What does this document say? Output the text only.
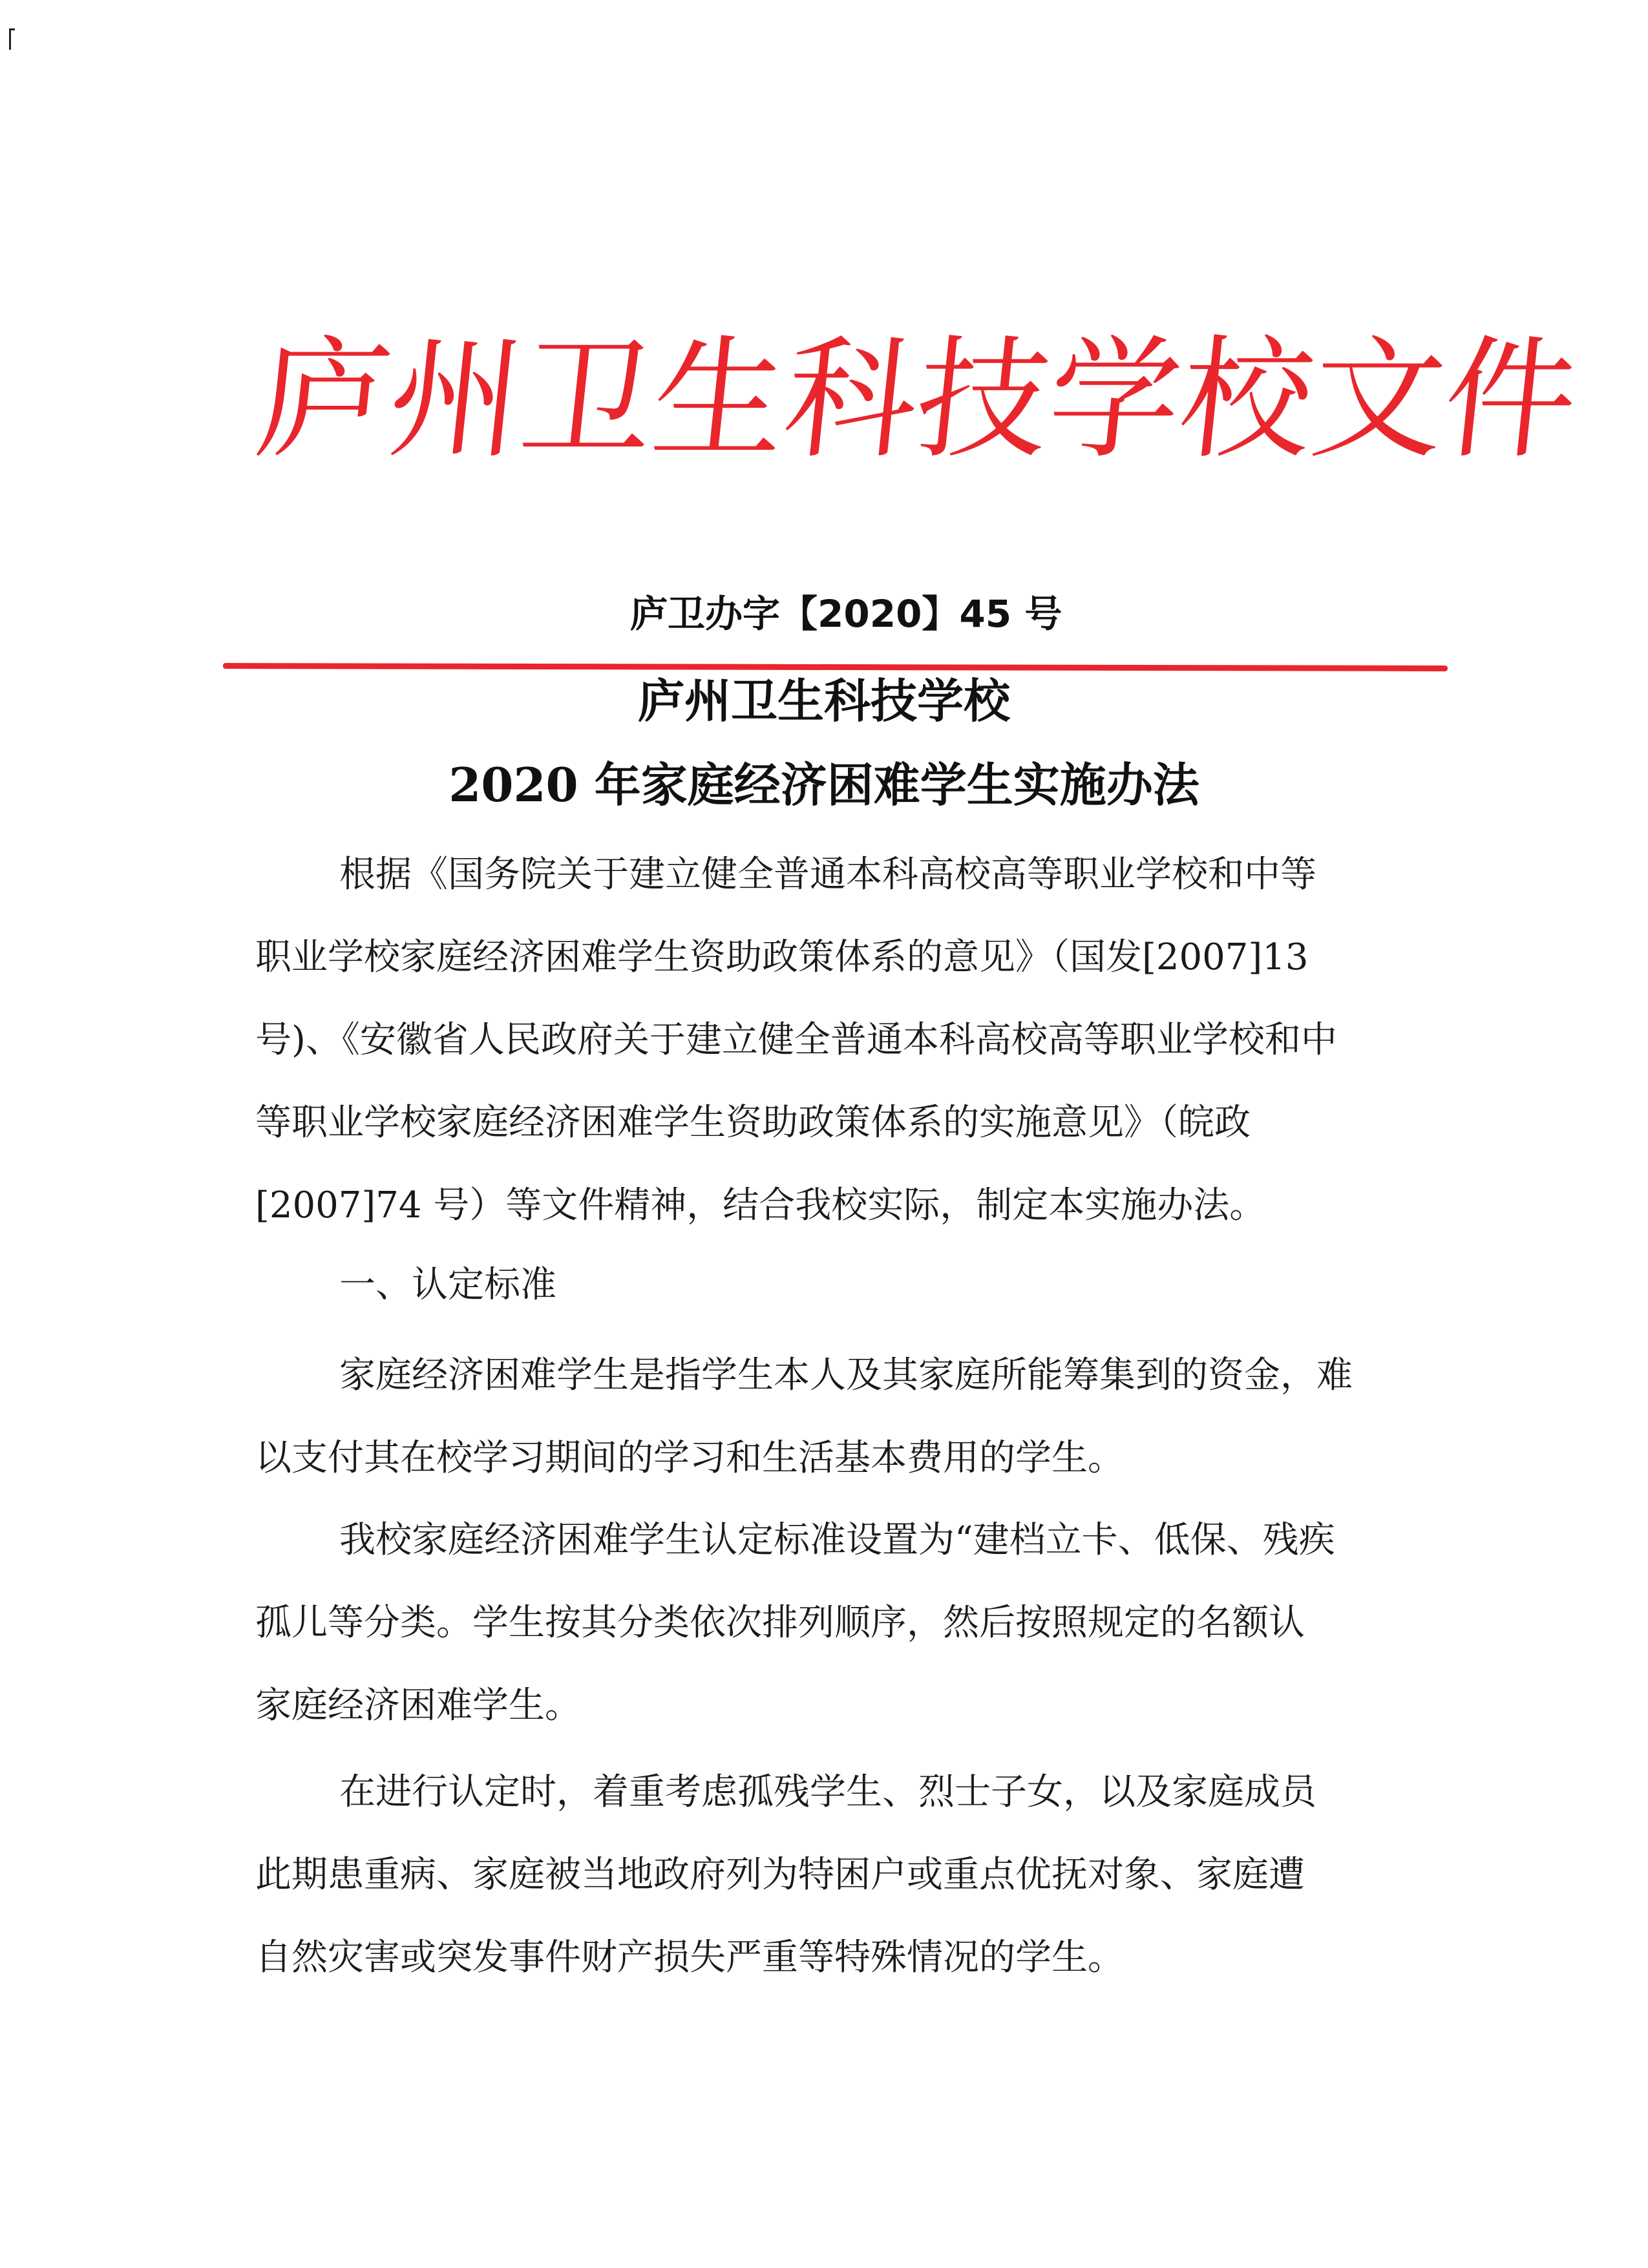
庐州卫生科技学校文件
庐卫办字【2020】45 号
庐州卫生科技学校
2020 年家庭经济困难学生实施办法
根据《国务院关于建立健全普通本科高校高等职业学校和中等
职业学校家庭经济困难学生资助政策体系的意见》（国发[2007]13
号)、《安徽省人民政府关于建立健全普通本科高校高等职业学校和中
等职业学校家庭经济困难学生资助政策体系的实施意见》（皖政
[2007]74 号）等文件精神，结合我校实际，制定本实施办法。
一、认定标准
家庭经济困难学生是指学生本人及其家庭所能筹集到的资金，难
以支付其在校学习期间的学习和生活基本费用的学生。
我校家庭经济困难学生认定标准设置为“建档立卡、低保、残疾
孤儿等分类。学生按其分类依次排列顺序，然后按照规定的名额认
家庭经济困难学生。
在进行认定时，着重考虑孤残学生、烈士子女，以及家庭成员
此期患重病、家庭被当地政府列为特困户或重点优抚对象、家庭遭
自然灾害或突发事件财产损失严重等特殊情况的学生。
